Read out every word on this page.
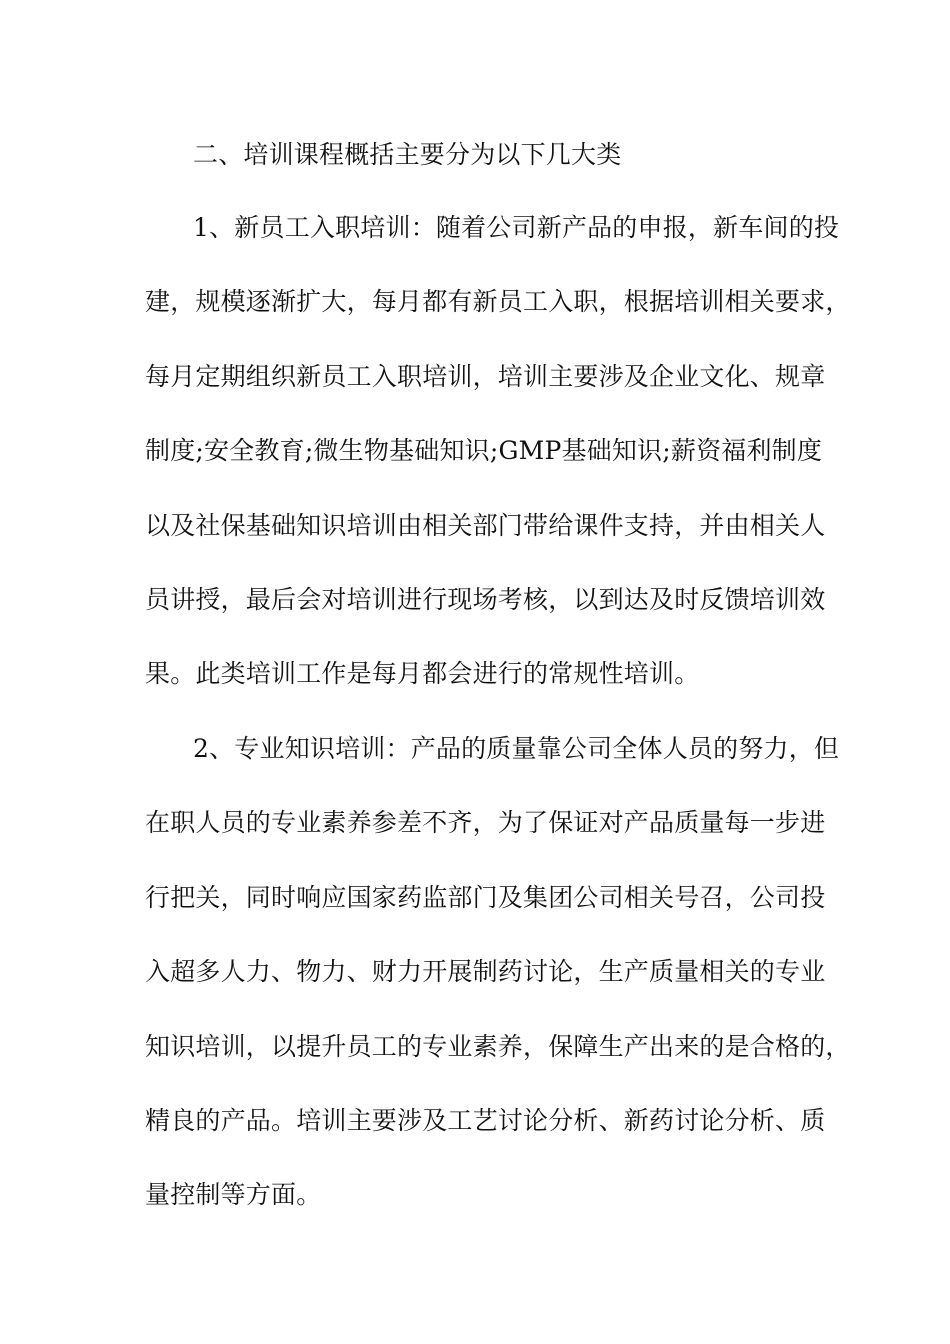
二、培训课程概括主要分为以下几大类
1、新员工入职培训：随着公司新产品的申报，新车间的投
建，规模逐渐扩大，每月都有新员工入职，根据培训相关要求，
每月定期组织新员工入职培训，培训主要涉及企业文化、规章
制度;安全教育;微生物基础知识;GMP基础知识;薪资福利制度
以及社保基础知识培训由相关部门带给课件支持，并由相关人
员讲授，最后会对培训进行现场考核，以到达及时反馈培训效
果。此类培训工作是每月都会进行的常规性培训。
2、专业知识培训：产品的质量靠公司全体人员的努力，但
在职人员的专业素养参差不齐，为了保证对产品质量每一步进
行把关，同时响应国家药监部门及集团公司相关号召，公司投
入超多人力、物力、财力开展制药讨论，生产质量相关的专业
知识培训，以提升员工的专业素养，保障生产出来的是合格的，
精良的产品。培训主要涉及工艺讨论分析、新药讨论分析、质
量控制等方面。
